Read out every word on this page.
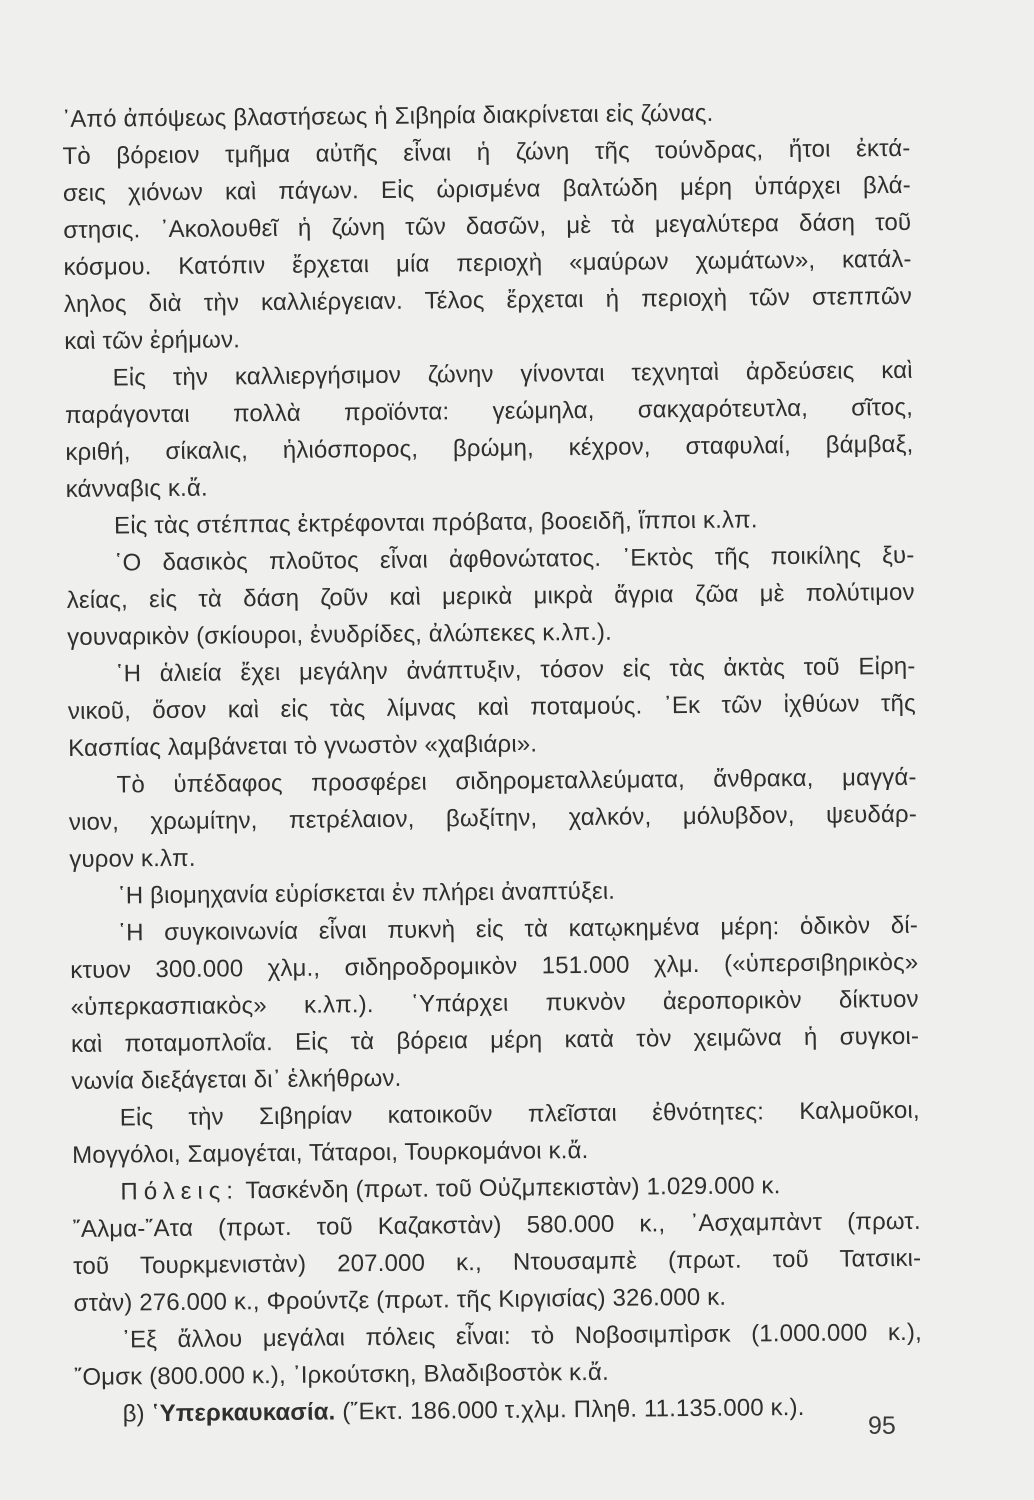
᾿Από ἀπόψεως βλαστήσεως ἡ Σιβηρία διακρίνεται εἰς ζώνας.
Τὸ βόρειον τμῆμα αὐτῆς εἶναι ἡ ζώνη τῆς τούνδρας, ἤτοι ἐκτά-
σεις χιόνων καὶ πάγων. Εἰς ὡρισμένα βαλτώδη μέρη ὑπάρχει βλά-
στησις. ᾿Ακολουθεῖ ἡ ζώνη τῶν δασῶν, μὲ τὰ μεγαλύτερα δάση τοῦ
κόσμου. Κατόπιν ἔρχεται μία περιοχὴ «μαύρων χωμάτων», κατάλ-
ληλος διὰ τὴν καλλιέργειαν. Τέλος ἔρχεται ἡ περιοχὴ τῶν στεππῶν
καὶ τῶν ἐρήμων.
Εἰς τὴν καλλιεργήσιμον ζώνην γίνονται τεχνηταὶ ἀρδεύσεις καὶ
παράγονται πολλὰ προϊόντα: γεώμηλα, σακχαρότευτλα, σῖτος,
κριθή, σίκαλις, ἡλιόσπορος, βρώμη, κέχρον, σταφυλαί, βάμβαξ,
κάνναβις κ.ἄ.
Εἰς τὰς στέππας ἐκτρέφονται πρόβατα, βοοειδῆ, ἵπποι κ.λπ.
῾Ο δασικὸς πλοῦτος εἶναι ἀφθονώτατος. ᾿Εκτὸς τῆς ποικίλης ξυ-
λείας, εἰς τὰ δάση ζοῦν καὶ μερικὰ μικρὰ ἄγρια ζῶα μὲ πολύτιμον
γουναρικὸν (σκίουροι, ἐνυδρίδες, ἀλώπεκες κ.λπ.).
῾Η ἁλιεία ἔχει μεγάλην ἀνάπτυξιν, τόσον εἰς τὰς ἀκτὰς τοῦ Εἰρη-
νικοῦ, ὅσον καὶ εἰς τὰς λίμνας καὶ ποταμούς. ᾿Εκ τῶν ἰχθύων τῆς
Κασπίας λαμβάνεται τὸ γνωστὸν «χαβιάρι».
Τὸ ὑπέδαφος προσφέρει σιδηρομεταλλεύματα, ἄνθρακα, μαγγά-
νιον, χρωμίτην, πετρέλαιον, βωξίτην, χαλκόν, μόλυβδον, ψευδάρ-
γυρον κ.λπ.
῾Η βιομηχανία εὑρίσκεται ἐν πλήρει ἀναπτύξει.
῾Η συγκοινωνία εἶναι πυκνὴ εἰς τὰ κατῳκημένα μέρη: ὁδικὸν δί-
κτυον 300.000 χλμ., σιδηροδρομικὸν 151.000 χλμ. («ὑπερσιβηρικὸς»
«ὑπερκασπιακὸς» κ.λπ.). ῾Υπάρχει πυκνὸν ἀεροπορικὸν δίκτυον
καὶ ποταμοπλοΐα. Εἰς τὰ βόρεια μέρη κατὰ τὸν χειμῶνα ἡ συγκοι-
νωνία διεξάγεται δι᾿ ἑλκήθρων.
Εἰς τὴν Σιβηρίαν κατοικοῦν πλεῖσται ἐθνότητες: Καλμοῦκοι,
Μογγόλοι, Σαμογέται, Τάταροι, Τουρκομάνοι κ.ἄ.
Πόλεις: Τασκένδη (πρωτ. τοῦ Οὐζμπεκιστὰν) 1.029.000 κ.
῎Αλμα-῎Ατα (πρωτ. τοῦ Καζακστὰν) 580.000 κ., ᾿Ασχαμπὰντ (πρωτ.
τοῦ Τουρκμενιστὰν) 207.000 κ., Ντουσαμπὲ (πρωτ. τοῦ Τατσικι-
στὰν) 276.000 κ., Φρούντζε (πρωτ. τῆς Κιργισίας) 326.000 κ.
᾿Εξ ἄλλου μεγάλαι πόλεις εἶναι: τὸ Νοβοσιμπὶρσκ (1.000.000 κ.),
῎Ομσκ (800.000 κ.), ᾿Ιρκούτσκη, Βλαδιβοστὸκ κ.ἄ.
β) ῾Υπερκαυκασία. (῎Εκτ. 186.000 τ.χλμ. Πληθ. 11.135.000 κ.).
95
